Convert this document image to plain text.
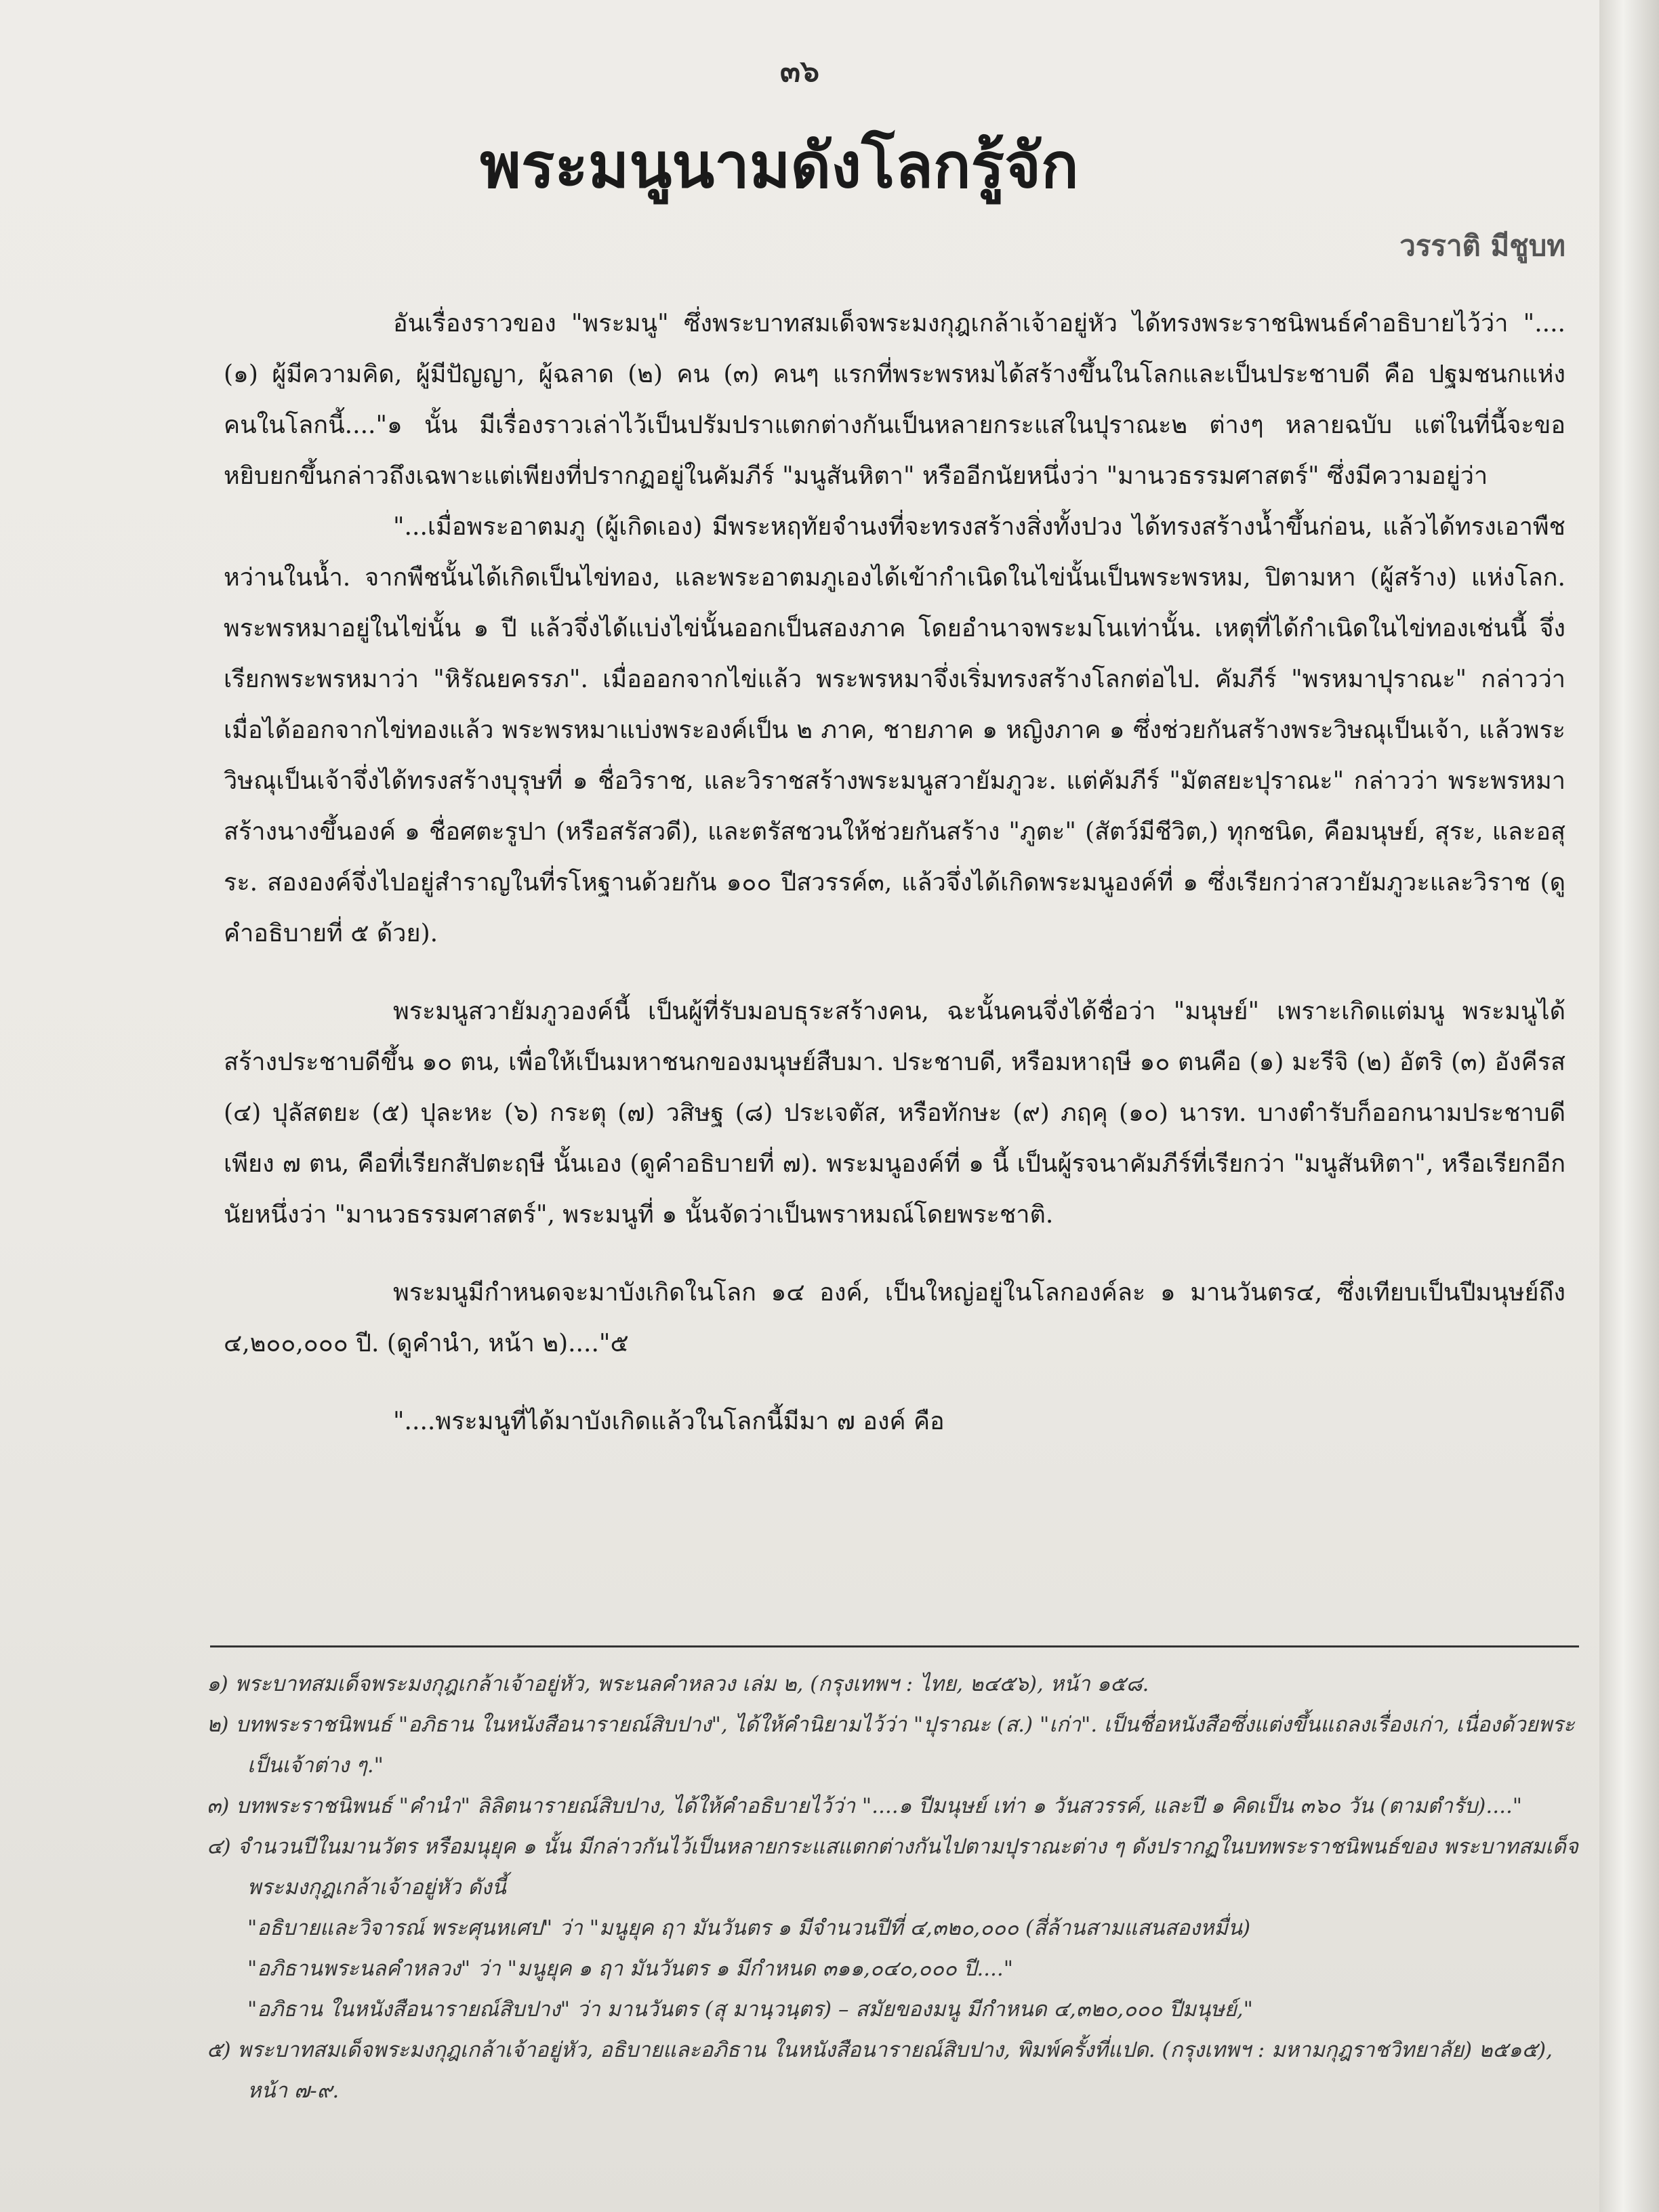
๓๖
พระมนูนามดังโลกรู้จัก
วรราติ มีชูบท

อันเรื่องราวของ "พระมนู" ซึ่งพระบาทสมเด็จพระมงกุฎเกล้าเจ้าอยู่หัว ได้ทรงพระราชนิพนธ์คำอธิบายไว้ว่า "....(๑) ผู้มีความคิด, ผู้มีปัญญา, ผู้ฉลาด (๒) คน (๓) คนๆ แรกที่พระพรหมได้สร้างขึ้นในโลกและเป็นประชาบดี คือ ปฐมชนกแห่งคนในโลกนี้...."๑ นั้น มีเรื่องราวเล่าไว้เป็นปรัมปราแตกต่างกันเป็นหลายกระแสในปุราณะ๒ ต่างๆ หลายฉบับ แต่ในที่นี้จะขอหยิบยกขึ้นกล่าวถึงเฉพาะแต่เพียงที่ปรากฏอยู่ในคัมภีร์ "มนูสันหิตา" หรืออีกนัยหนึ่งว่า "มานวธรรมศาสตร์" ซึ่งมีความอยู่ว่า

"...เมื่อพระอาตมภู (ผู้เกิดเอง) มีพระหฤทัยจำนงที่จะทรงสร้างสิ่งทั้งปวง ได้ทรงสร้างน้ำขึ้นก่อน, แล้วได้ทรงเอาพืชหว่านในน้ำ. จากพืชนั้นได้เกิดเป็นไข่ทอง, และพระอาตมภูเองได้เข้ากำเนิดในไข่นั้นเป็นพระพรหม, ปิตามหา (ผู้สร้าง) แห่งโลก. พระพรหมาอยู่ในไข่นั้น ๑ ปี แล้วจึ่งได้แบ่งไข่นั้นออกเป็นสองภาค โดยอำนาจพระมโนเท่านั้น. เหตุที่ได้กำเนิดในไข่ทองเช่นนี้ จึ่งเรียกพระพรหมาว่า "หิรัณยครรภ". เมื่อออกจากไข่แล้ว พระพรหมาจึ่งเริ่มทรงสร้างโลกต่อไป. คัมภีร์ "พรหมาปุราณะ" กล่าวว่า เมื่อได้ออกจากไข่ทองแล้ว พระพรหมาแบ่งพระองค์เป็น ๒ ภาค, ชายภาค ๑ หญิงภาค ๑ ซึ่งช่วยกันสร้างพระวิษณุเป็นเจ้า, แล้วพระวิษณุเป็นเจ้าจึ่งได้ทรงสร้างบุรุษที่ ๑ ชื่อวิราช, และวิราชสร้างพระมนูสวายัมภูวะ. แต่คัมภีร์ "มัตสยะปุราณะ" กล่าวว่า พระพรหมาสร้างนางขึ้นองค์ ๑ ชื่อศตะรูปา (หรือสรัสวดี), และตรัสชวนให้ช่วยกันสร้าง "ภูตะ" (สัตว์มีชีวิต,) ทุกชนิด, คือมนุษย์, สุระ, และอสุระ. สององค์จึ่งไปอยู่สำราญในที่รโหฐานด้วยกัน ๑๐๐ ปีสวรรค์๓, แล้วจึ่งได้เกิดพระมนูองค์ที่ ๑ ซึ่งเรียกว่าสวายัมภูวะและวิราช (ดูคำอธิบายที่ ๕ ด้วย).

พระมนูสวายัมภูวองค์นี้ เป็นผู้ที่รับมอบธุระสร้างคน, ฉะนั้นคนจึ่งได้ชื่อว่า "มนุษย์" เพราะเกิดแต่มนู พระมนูได้สร้างประชาบดีขึ้น ๑๐ ตน, เพื่อให้เป็นมหาชนกของมนุษย์สืบมา. ประชาบดี, หรือมหาฤษี ๑๐ ตนคือ (๑) มะรีจิ (๒) อัตริ (๓) อังคีรส (๔) ปุลัสตยะ (๕) ปุละหะ (๖) กระตุ (๗) วสิษฐ (๘) ประเจตัส, หรือทักษะ (๙) ภฤคุ (๑๐) นารท. บางตำรับก็ออกนามประชาบดีเพียง ๗ ตน, คือที่เรียกสัปตะฤษี นั้นเอง (ดูคำอธิบายที่ ๗). พระมนูองค์ที่ ๑ นี้ เป็นผู้รจนาคัมภีร์ที่เรียกว่า "มนูสันหิตา", หรือเรียกอีกนัยหนึ่งว่า "มานวธรรมศาสตร์", พระมนูที่ ๑ นั้นจัดว่าเป็นพราหมณ์โดยพระชาติ.

พระมนูมีกำหนดจะมาบังเกิดในโลก ๑๔ องค์, เป็นใหญ่อยู่ในโลกองค์ละ ๑ มานวันตร๔, ซึ่งเทียบเป็นปีมนุษย์ถึง ๔,๒๐๐,๐๐๐ ปี. (ดูคำนำ, หน้า ๒)...."๕

"....พระมนูที่ได้มาบังเกิดแล้วในโลกนี้มีมา ๗ องค์ คือ

๑) พระบาทสมเด็จพระมงกุฎเกล้าเจ้าอยู่หัว, พระนลคำหลวง เล่ม ๒, (กรุงเทพฯ : ไทย, ๒๔๕๖), หน้า ๑๕๘.

๒) บทพระราชนิพนธ์ "อภิธาน ในหนังสือนารายณ์สิบปาง", ได้ให้คำนิยามไว้ว่า "ปุราณะ (ส.) "เก่า". เป็นชื่อหนังสือซึ่งแต่งขึ้นแถลงเรื่องเก่า, เนื่องด้วยพระเป็นเจ้าต่าง ๆ."

๓) บทพระราชนิพนธ์ "คำนำ" ลิลิตนารายณ์สิบปาง, ได้ให้คำอธิบายไว้ว่า "....๑ ปีมนุษย์ เท่า ๑ วันสวรรค์, และปี ๑ คิดเป็น ๓๖๐ วัน (ตามตำรับ)...."

๔) จำนวนปีในมานวัตร หรือมนุยุค ๑ นั้น มีกล่าวกันไว้เป็นหลายกระแสแตกต่างกันไปตามปุราณะต่าง ๆ ดังปรากฏในบทพระราชนิพนธ์ของ พระบาทสมเด็จพระมงกุฎเกล้าเจ้าอยู่หัว ดังนี้

"อธิบายและวิจารณ์ พระศุนหเศป" ว่า "มนูยุค ฤา มันวันตร ๑ มีจำนวนปีที่ ๔,๓๒๐,๐๐๐ (สี่ล้านสามแสนสองหมื่น)

"อภิธานพระนลคำหลวง" ว่า "มนูยุค ๑ ฤา มันวันตร ๑ มีกำหนด ๓๑๑,๐๔๐,๐๐๐ ปี...."

"อภิธาน ในหนังสือนารายณ์สิบปาง" ว่า มานวันตร (สุ มานฺวนฺตร) – สมัยของมนู มีกำหนด ๔,๓๒๐,๐๐๐ ปีมนุษย์,"

๕) พระบาทสมเด็จพระมงกุฎเกล้าเจ้าอยู่หัว, อธิบายและอภิธาน ในหนังสือนารายณ์สิบปาง, พิมพ์ครั้งที่แปด. (กรุงเทพฯ : มหามกุฎราชวิทยาลัย) ๒๕๑๕), หน้า ๗-๙.
